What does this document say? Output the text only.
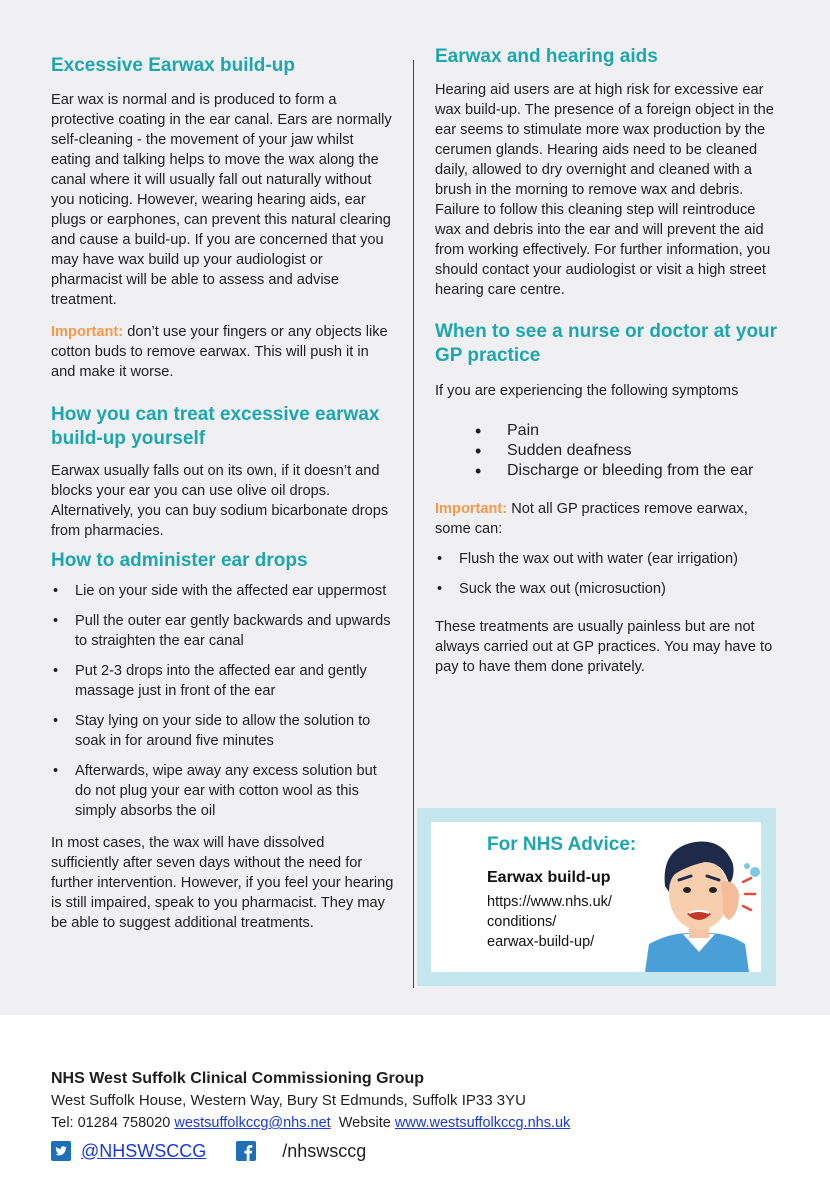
Excessive Earwax build-up

Ear wax is normal and is produced to form a protective coating in the ear canal. Ears are normally self-cleaning - the movement of your jaw whilst eating and talking helps to move the wax along the canal where it will usually fall out naturally without you noticing. However, wearing hearing aids, ear plugs or earphones, can prevent this natural clearing and cause a build-up. If you are concerned that you may have wax build up your audiologist or pharmacist will be able to assess and advise treatment.

Important: don’t use your fingers or any objects like cotton buds to remove earwax. This will push it in and make it worse.

How you can treat excessive earwax build-up yourself

Earwax usually falls out on its own, if it doesn’t and blocks your ear you can use olive oil drops. Alternatively, you can buy sodium bicarbonate drops from pharmacies.

How to administer ear drops
• Lie on your side with the affected ear uppermost
• Pull the outer ear gently backwards and upwards to straighten the ear canal
• Put 2-3 drops into the affected ear and gently massage just in front of the ear
• Stay lying on your side to allow the solution to soak in for around five minutes
• Afterwards, wipe away any excess solution but do not plug your ear with cotton wool as this simply absorbs the oil

In most cases, the wax will have dissolved sufficiently after seven days without the need for further intervention. However, if you feel your hearing is still impaired, speak to you pharmacist. They may be able to suggest additional treatments.

Earwax and hearing aids

Hearing aid users are at high risk for excessive ear wax build-up. The presence of a foreign object in the ear seems to stimulate more wax production by the cerumen glands. Hearing aids need to be cleaned daily, allowed to dry overnight and cleaned with a brush in the morning to remove wax and debris. Failure to follow this cleaning step will reintroduce wax and debris into the ear and will prevent the aid from working effectively. For further information, you should contact your audiologist or visit a high street hearing care centre.

When to see a nurse or doctor at your GP practice

If you are experiencing the following symptoms

• Pain
• Sudden deafness
• Discharge or bleeding from the ear

Important: Not all GP practices remove earwax, some can:

• Flush the wax out with water (ear irrigation)
• Suck the wax out (microsuction)

These treatments are usually painless but are not always carried out at GP practices. You may have to pay to have them done privately.

For NHS Advice:
Earwax build-up
https://www.nhs.uk/
conditions/
earwax-build-up/
NHS West Suffolk Clinical Commissioning Group
West Suffolk House, Western Way, Bury St Edmunds, Suffolk IP33 3YU
Tel: 01284 758020 westsuffolkccg@nhs.net  Website www.westsuffolkccg.nhs.uk
@NHSWSCCG	/nhswsccg
